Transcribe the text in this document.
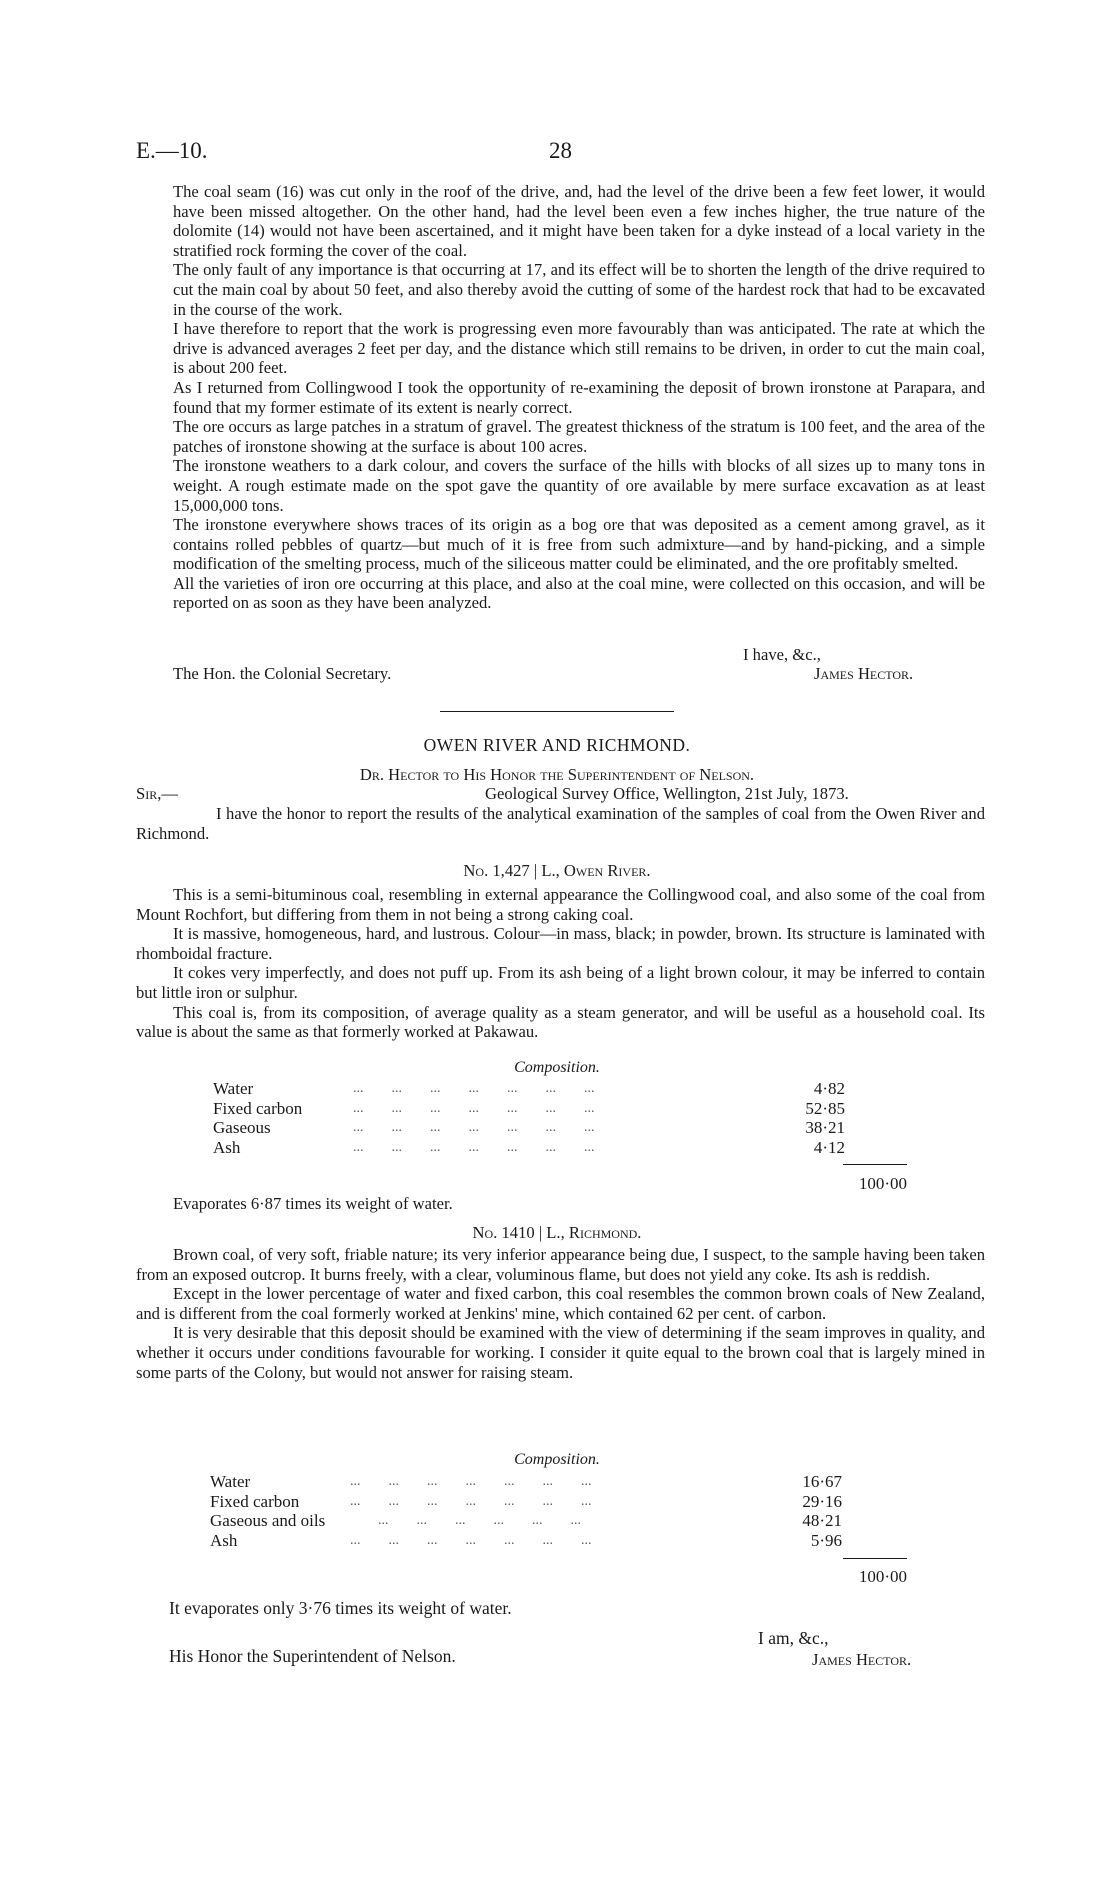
E.—10.	28

The coal seam (16) was cut only in the roof of the drive, and, had the level of the drive been a few feet lower, it would have been missed altogether. On the other hand, had the level been even a few inches higher, the true nature of the dolomite (14) would not have been ascertained, and it might have been taken for a dyke instead of a local variety in the stratified rock forming the cover of the coal.

The only fault of any importance is that occurring at 17, and its effect will be to shorten the length of the drive required to cut the main coal by about 50 feet, and also thereby avoid the cutting of some of the hardest rock that had to be excavated in the course of the work.

I have therefore to report that the work is progressing even more favourably than was anticipated. The rate at which the drive is advanced averages 2 feet per day, and the distance which still remains to be driven, in order to cut the main coal, is about 200 feet.

As I returned from Collingwood I took the opportunity of re-examining the deposit of brown ironstone at Parapara, and found that my former estimate of its extent is nearly correct.

The ore occurs as large patches in a stratum of gravel. The greatest thickness of the stratum is 100 feet, and the area of the patches of ironstone showing at the surface is about 100 acres.

The ironstone weathers to a dark colour, and covers the surface of the hills with blocks of all sizes up to many tons in weight. A rough estimate made on the spot gave the quantity of ore available by mere surface excavation as at least 15,000,000 tons.

The ironstone everywhere shows traces of its origin as a bog ore that was deposited as a cement among gravel, as it contains rolled pebbles of quartz—but much of it is free from such admixture—and by hand-picking, and a simple modification of the smelting process, much of the siliceous matter could be eliminated, and the ore profitably smelted.

All the varieties of iron ore occurring at this place, and also at the coal mine, were collected on this occasion, and will be reported on as soon as they have been analyzed.

I have, &c.,
The Hon. the Colonial Secretary.	James Hector.
OWEN RIVER AND RICHMOND.
Dr. Hector to His Honor the Superintendent of Nelson.
Sir,—	Geological Survey Office, Wellington, 21st July, 1873.

I have the honor to report the results of the analytical examination of the samples of coal from the Owen River and Richmond.

No. 1,427 | L., Owen River.

This is a semi-bituminous coal, resembling in external appearance the Collingwood coal, and also some of the coal from Mount Rochfort, but differing from them in not being a strong caking coal.

It is massive, homogeneous, hard, and lustrous. Colour—in mass, black; in powder, brown. Its structure is laminated with rhomboidal fracture.

It cokes very imperfectly, and does not puff up. From its ash being of a light brown colour, it may be inferred to contain but little iron or sulphur.

This coal is, from its composition, of average quality as a steam generator, and will be useful as a household coal. Its value is about the same as that formerly worked at Pakawau.

Composition.
Water	...        ...        ...        ...        ...        ...        ...	4·82
Fixed carbon	...        ...        ...        ...        ...        ...        ...	52·85
Gaseous	...        ...        ...        ...        ...        ...        ...	38·21
Ash	...        ...        ...        ...        ...        ...        ...	4·12
100·00
Evaporates 6·87 times its weight of water.
No. 1410 | L., Richmond.

Brown coal, of very soft, friable nature; its very inferior appearance being due, I suspect, to the sample having been taken from an exposed outcrop. It burns freely, with a clear, voluminous flame, but does not yield any coke. Its ash is reddish.

Except in the lower percentage of water and fixed carbon, this coal resembles the common brown coals of New Zealand, and is different from the coal formerly worked at Jenkins' mine, which contained 62 per cent. of carbon.

It is very desirable that this deposit should be examined with the view of determining if the seam improves in quality, and whether it occurs under conditions favourable for working. I consider it quite equal to the brown coal that is largely mined in some parts of the Colony, but would not answer for raising steam.

Composition.
Water	...        ...        ...        ...        ...        ...        ...	16·67
Fixed carbon	...        ...        ...        ...        ...        ...        ...	29·16
Gaseous and oils	...        ...        ...        ...        ...        ...	48·21
Ash	...        ...        ...        ...        ...        ...        ...	5·96
100·00
It evaporates only 3·76 times its weight of water.
I am, &c.,
His Honor the Superintendent of Nelson.	James Hector.
